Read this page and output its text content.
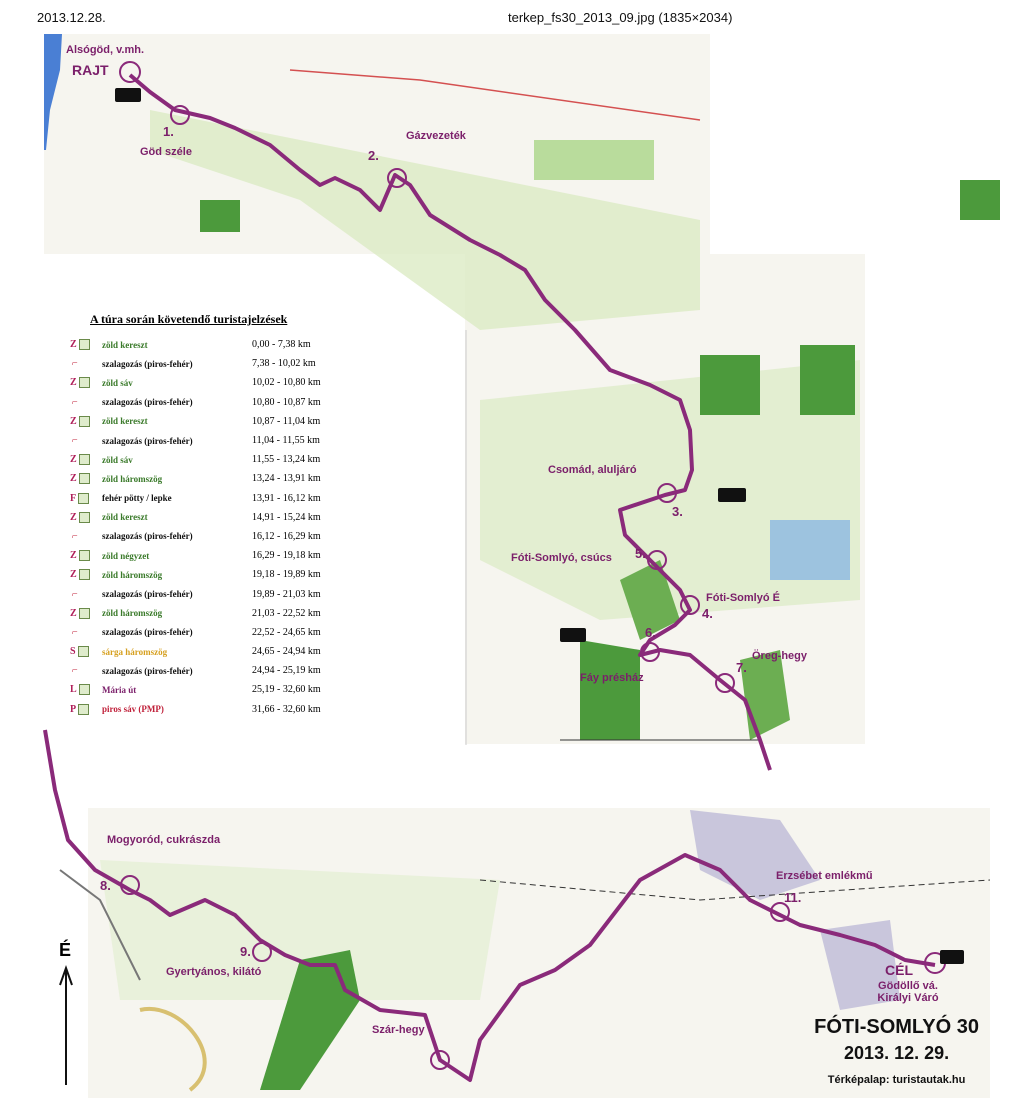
2013.12.28.	terkep_fs30_2013_09.jpg (1835×2034)
Alsógöd, v.mh.
RAJT
1.
Göd széle	2.
Gázvezeték
Csomád, aluljáró
3.
4.
Fóti-Somlyó É
5.
Fóti-Somlyó, csúcs
6.
Fáy présház
7.
Öreg-hegy
Mogyoród, cukrászda
8.
9.
Gyertyános, kilátó
Szár-hegy
Erzsébet emlékmű
11.
CÉL
Gödöllő vá. Királyi Váró
É
A túra során követendő turistajelzések
Z	zöld kereszt	0,00 - 7,38 km
⌐	szalagozás (piros-fehér)	7,38 - 10,02 km
Z	zöld sáv	10,02 - 10,80 km
⌐	szalagozás (piros-fehér)	10,80 - 10,87 km
Z	zöld kereszt	10,87 - 11,04 km
⌐	szalagozás (piros-fehér)	11,04 - 11,55 km
Z	zöld sáv	11,55 - 13,24 km
Z	zöld háromszög	13,24 - 13,91 km
F	fehér pötty / lepke	13,91 - 16,12 km
Z	zöld kereszt	14,91 - 15,24 km
⌐	szalagozás (piros-fehér)	16,12 - 16,29 km
Z	zöld négyzet	16,29 - 19,18 km
Z	zöld háromszög	19,18 - 19,89 km
⌐	szalagozás (piros-fehér)	19,89 - 21,03 km
Z	zöld háromszög	21,03 - 22,52 km
⌐	szalagozás (piros-fehér)	22,52 - 24,65 km
S	sárga háromszög	24,65 - 24,94 km
⌐	szalagozás (piros-fehér)	24,94 - 25,19 km
L	Mária út	25,19 - 32,60 km
P	piros sáv (PMP)	31,66 - 32,60 km
FÓTI-SOMLYÓ 30
2013. 12. 29.
Térképalap: turistautak.hu
